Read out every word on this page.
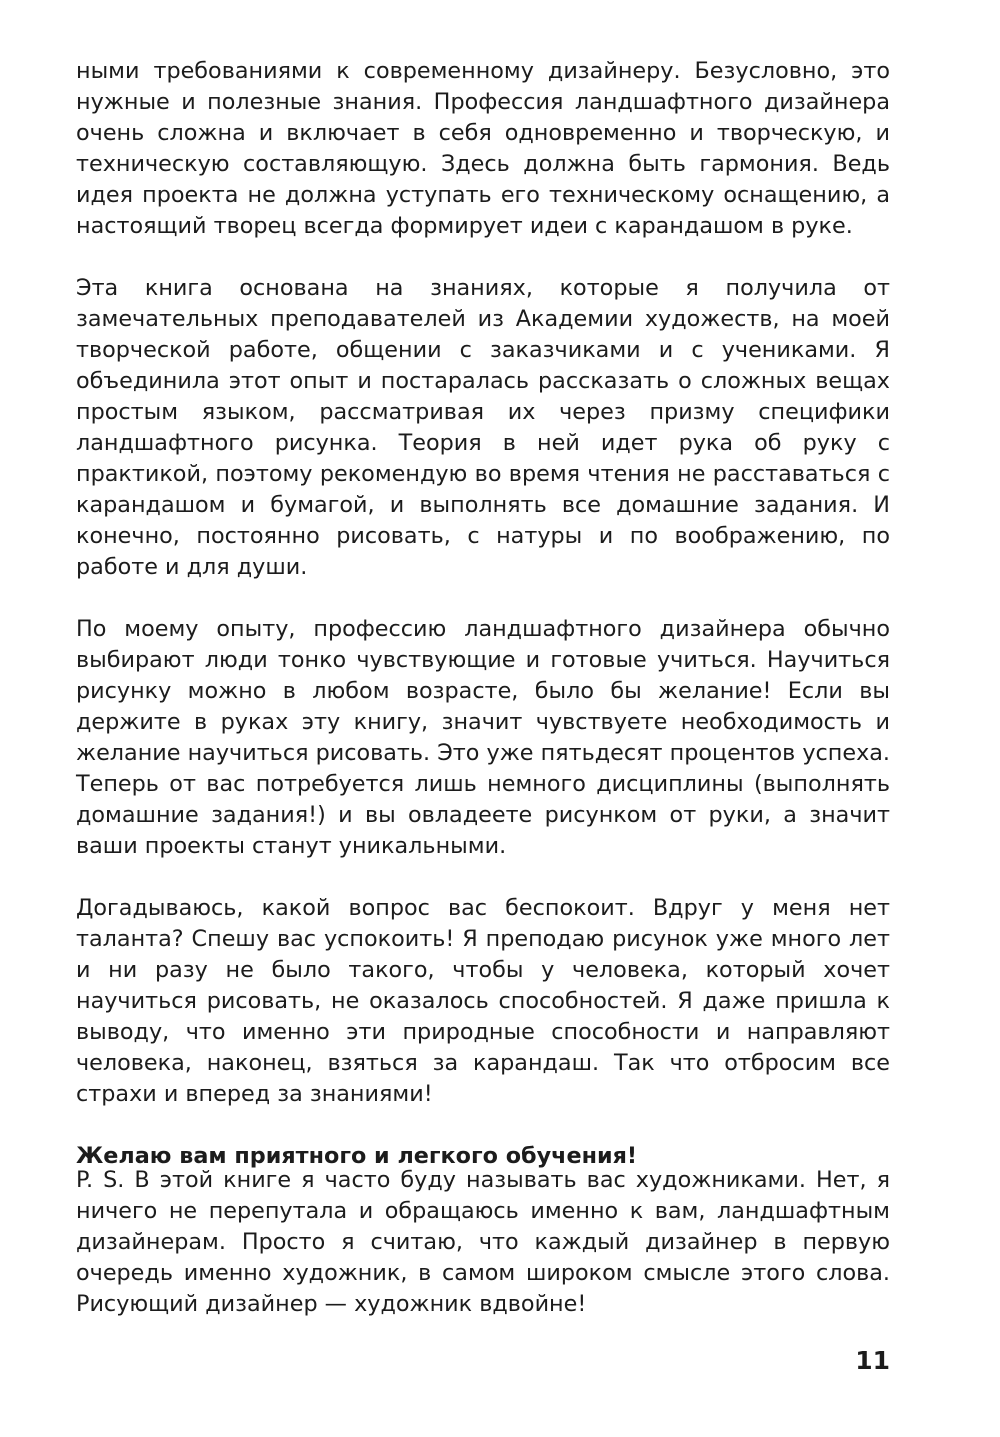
ными требованиями к современному дизайнеру. Безусловно, это нужные и полезные знания. Профессия ландшафтного дизайнера очень сложна и включает в себя одновременно и творческую, и техническую составляющую. Здесь должна быть гармония. Ведь идея проекта не должна уступать его техническому оснащению, а настоящий творец всегда формирует идеи с карандашом в руке.

Эта книга основана на знаниях, которые я получила от замечательных преподавателей из Академии художеств, на моей творческой работе, общении с заказчиками и с учениками. Я объединила этот опыт и постаралась рассказать о сложных вещах простым языком, рассматривая их через призму специфики ландшафтного рисунка. Теория в ней идет рука об руку с практикой, поэтому рекомендую во время чтения не расставаться с карандашом и бумагой, и выполнять все домашние задания. И конечно, постоянно рисовать, с натуры и по воображению, по работе и для души.

По моему опыту, профессию ландшафтного дизайнера обычно выбирают люди тонко чувствующие и готовые учиться. Научиться рисунку можно в любом возрасте, было бы желание! Если вы держите в руках эту книгу, значит чувствуете необходимость и желание научиться рисовать. Это уже пятьдесят процентов успеха. Теперь от вас потребуется лишь немного дисциплины (выполнять домашние задания!) и вы овладеете рисунком от руки, а значит ваши проекты станут уникальными.

Догадываюсь, какой вопрос вас беспокоит. Вдруг у меня нет таланта? Спешу вас успокоить! Я преподаю рисунок уже много лет и ни разу не было такого, чтобы у человека, который хочет научиться рисовать, не оказалось способностей. Я даже пришла к выводу, что именно эти природные способности и направляют человека, наконец, взяться за карандаш. Так что отбросим все страхи и вперед за знаниями!

Желаю вам приятного и легкого обучения!

P. S. В этой книге я часто буду называть вас художниками. Нет, я ничего не перепутала и обращаюсь именно к вам, ландшафтным дизайнерам. Просто я считаю, что каждый дизайнер в первую очередь именно художник, в самом широком смысле этого слова. Рисующий дизайнер — художник вдвойне!

11
